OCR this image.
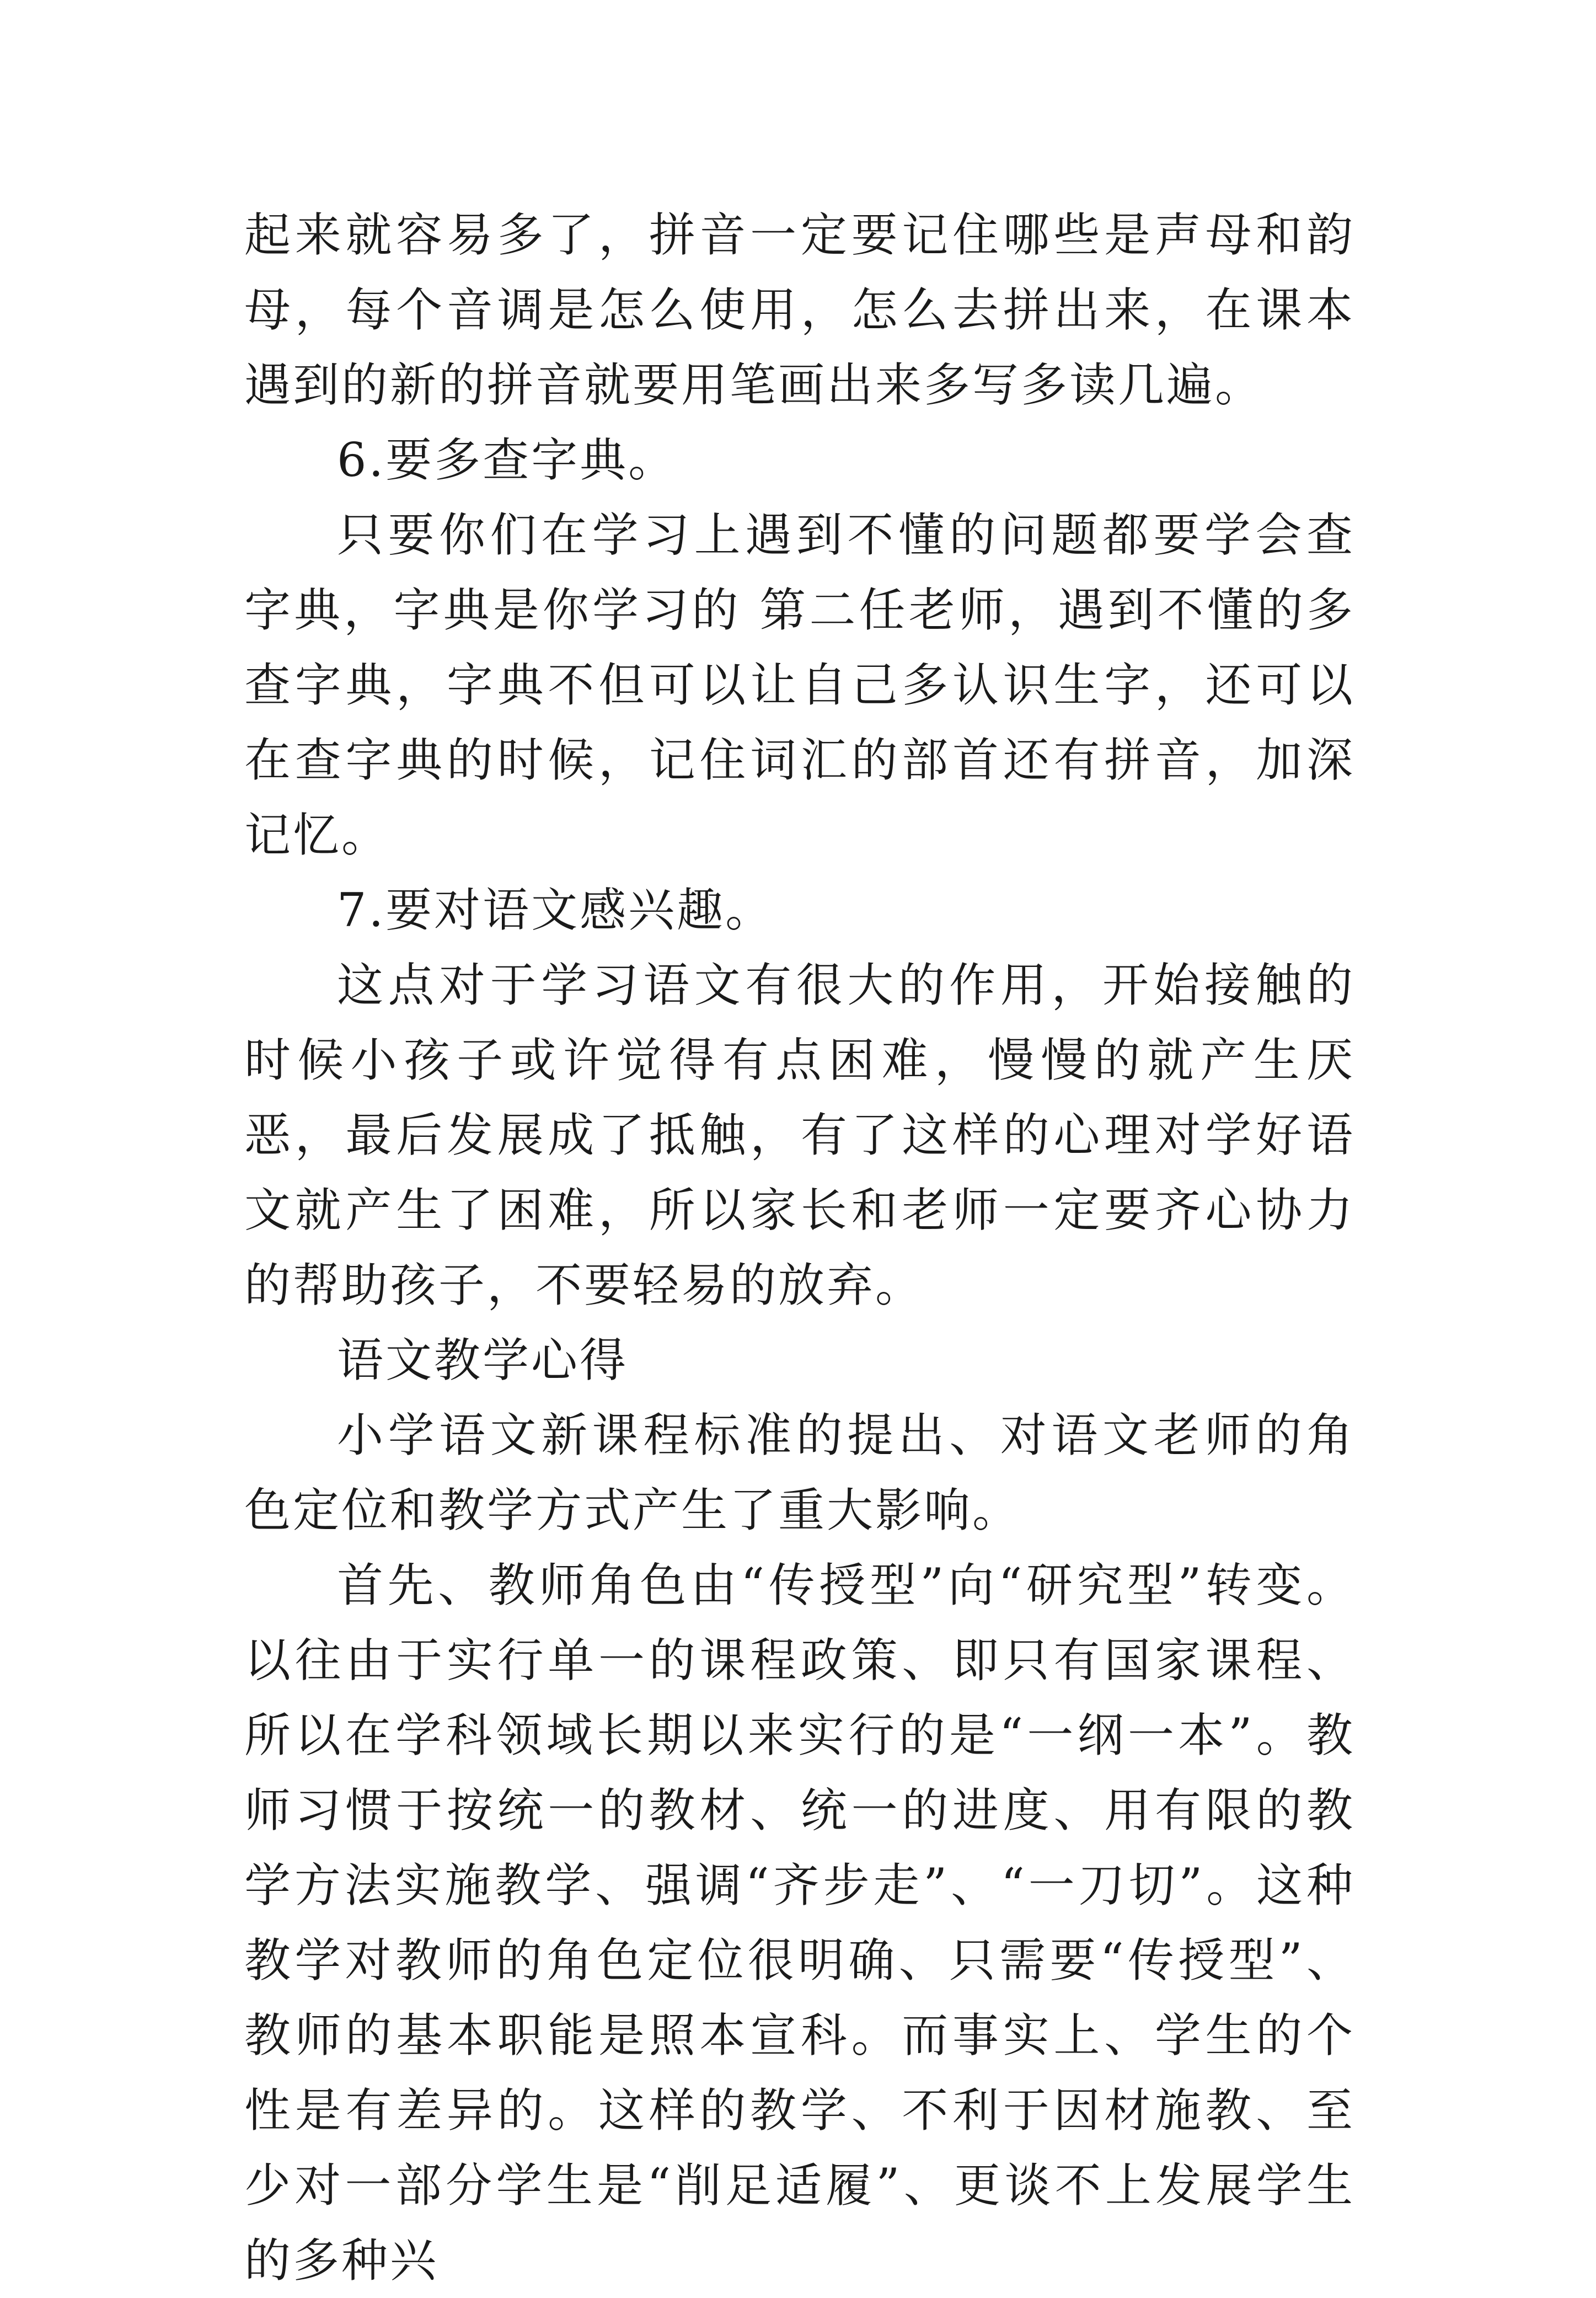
起来就容易多了，拼音一定要记住哪些是声母和韵母，每个音调是怎么使用，怎么去拼出来，在课本遇到的新的拼音就要用笔画出来多写多读几遍。

6.要多查字典。

只要你们在学习上遇到不懂的问题都要学会查字典，字典是你学习的 第二任老师，遇到不懂的多查字典，字典不但可以让自己多认识生字，还可以在查字典的时候，记住词汇的部首还有拼音，加深记忆。

7.要对语文感兴趣。

这点对于学习语文有很大的作用，开始接触的时候小孩子或许觉得有点困难，慢慢的就产生厌恶，最后发展成了抵触，有了这样的心理对学好语文就产生了困难，所以家长和老师一定要齐心协力的帮助孩子，不要轻易的放弃。

语文教学心得

小学语文新课程标准的提出、对语文老师的角色定位和教学方式产生了重大影响。

首先、教师角色由“传授型”向“研究型”转变。以往由于实行单一的课程政策、即只有国家课程、所以在学科领域长期以来实行的是“一纲一本”。教师习惯于按统一的教材、统一的进度、用有限的教学方法实施教学、强调“齐步走”、“一刀切”。这种教学对教师的角色定位很明确、只需要“传授型”、教师的基本职能是照本宣科。而事实上、学生的个性是有差异的。这样的教学、不利于因材施教、至少对一部分学生是“削足适履”、更谈不上发展学生的多种兴
